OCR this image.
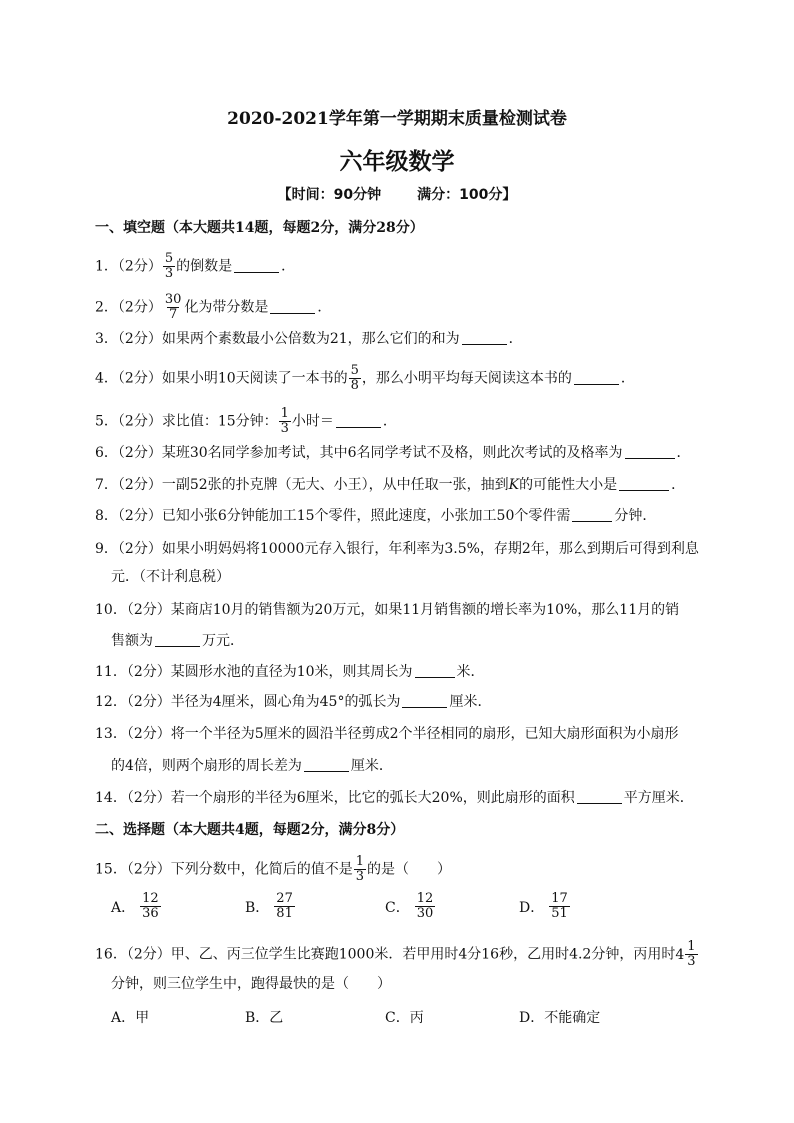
2020-2021学年第一学期期末质量检测试卷
六年级数学
【时间：90分钟	满分：100分】
一、填空题（本大题共14题，每题2分，满分28分）
1．（2分） $\frac{5}{3}$ 的倒数是	．
2．（2分） $\frac{30}{7}$ 化为带分数是	．
3．（2分）如果两个素数最小公倍数为21，那么它们的和为	．
4．（2分）如果小明10天阅读了一本书的 $\frac{5}{8}$ ，那么小明平均每天阅读这本书的	．
5．（2分）求比值：15分钟： $\frac{1}{3}$ 小时＝	．
6．（2分）某班30名同学参加考试，其中6名同学考试不及格，则此次考试的及格率为	．
7．（2分）一副52张的扑克牌（无大、小王），从中任取一张，抽到K的可能性大小是	．
8．（2分）已知小张6分钟能加工15个零件，照此速度，小张加工50个零件需	分钟．
9．（2分）如果小明妈妈将10000元存入银行，年利率为3.5%，存期2年，那么到期后可得到利息
元．（不计利息税）
10．（2分）某商店10月的销售额为20万元，如果11月销售额的增长率为10%，那么11月的销
售额为	万元．
11．（2分）某圆形水池的直径为10米，则其周长为	米．
12．（2分）半径为4厘米，圆心角为45°的弧长为	厘米．
13．（2分）将一个半径为5厘米的圆沿半径剪成2个半径相同的扇形，已知大扇形面积为小扇形
的4倍，则两个扇形的周长差为	厘米．
14．（2分）若一个扇形的半径为6厘米，比它的弧长大20%，则此扇形的面积	平方厘米．
二、选择题（本大题共4题，每题2分，满分8分）
15．（2分）下列分数中，化简后的值不是 $\frac{1}{3}$ 的是（　　）
A． $\frac{12}{36}$	B． $\frac{27}{81}$	C． $\frac{12}{30}$	D． $\frac{17}{51}$
16．（2分）甲、乙、丙三位学生比赛跑1000米．若甲用时4分16秒，乙用时4.2分钟，丙用时 $4 \frac{1}{3}$
分钟，则三位学生中，跑得最快的是（　　）
A．甲	B．乙	C．丙	D．不能确定
